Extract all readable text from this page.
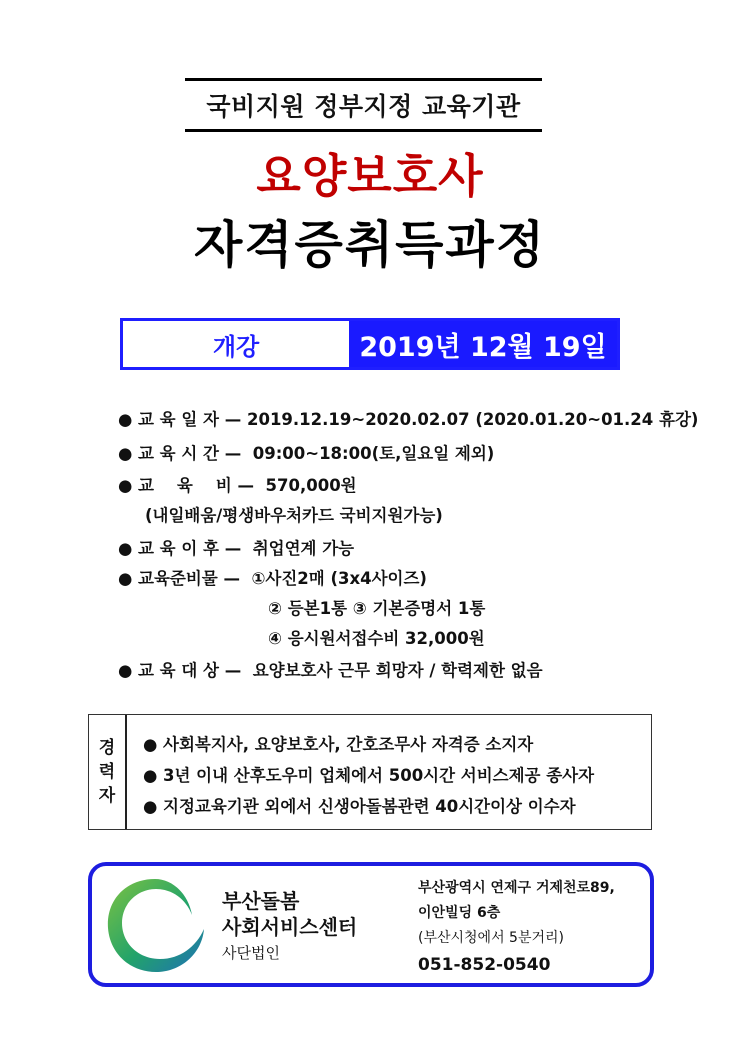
국비지원 정부지정 교육기관
요양보호사
자격증취득과정
개강	2019년 12월 19일
● 교 육 일 자 — 2019.12.19~2020.02.07 (2020.01.20~01.24 휴강)
● 교 육 시 간 — 09:00~18:00(토,일요일 제외)
● 교    육    비 — 570,000원
(내일배움/평생바우처카드 국비지원가능)
● 교 육 이 후 — 취업연계 가능
● 교육준비물 — ①사진2매 (3x4사이즈)
② 등본1통 ③ 기본증명서 1통
④ 응시원서접수비 32,000원
● 교 육 대 상 — 요양보호사 근무 희망자 / 학력제한 없음
경
력
자
● 사회복지사, 요양보호사, 간호조무사 자격증 소지자
● 3년 이내 산후도우미 업체에서 500시간 서비스제공 종사자
● 지정교육기관 외에서 신생아돌봄관련 40시간이상 이수자
부산돌봄
사회서비스센터
사단법인
부산광역시 연제구 거제천로89,
이안빌딩 6층
(부산시청에서 5분거리)
051-852-0540
